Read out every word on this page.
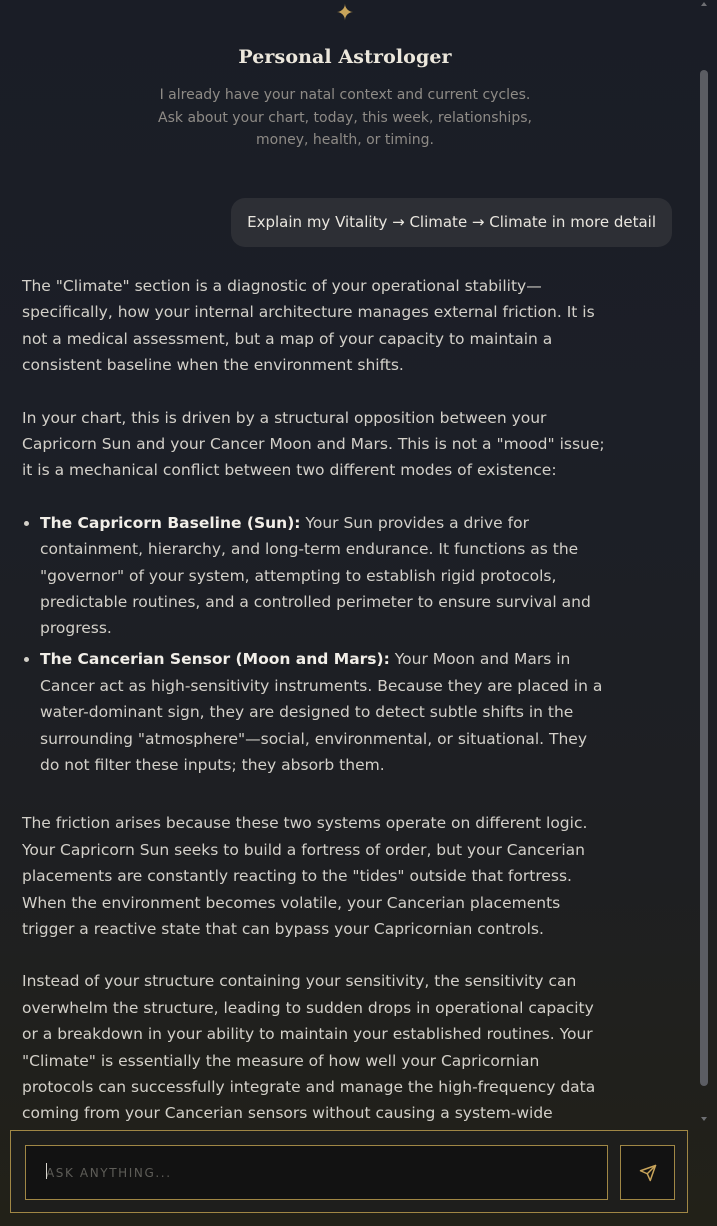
✦
Personal Astrologer
I already have your natal context and current cycles. Ask about your chart, today, this week, relationships, money, health, or timing.
Explain my Vitality → Climate → Climate in more detail

The "Climate" section is a diagnostic of your operational stability—specifically, how your internal architecture manages external friction. It is not a medical assessment, but a map of your capacity to maintain a consistent baseline when the environment shifts.

In your chart, this is driven by a structural opposition between your Capricorn Sun and your Cancer Moon and Mars. This is not a "mood" issue; it is a mechanical conflict between two different modes of existence:

• The Capricorn Baseline (Sun): Your Sun provides a drive for containment, hierarchy, and long-term endurance. It functions as the "governor" of your system, attempting to establish rigid protocols, predictable routines, and a controlled perimeter to ensure survival and progress.
• The Cancerian Sensor (Moon and Mars): Your Moon and Mars in Cancer act as high-sensitivity instruments. Because they are placed in a water-dominant sign, they are designed to detect subtle shifts in the surrounding "atmosphere"—social, environmental, or situational. They do not filter these inputs; they absorb them.

The friction arises because these two systems operate on different logic. Your Capricorn Sun seeks to build a fortress of order, but your Cancerian placements are constantly reacting to the "tides" outside that fortress. When the environment becomes volatile, your Cancerian placements trigger a reactive state that can bypass your Capricornian controls.

Instead of your structure containing your sensitivity, the sensitivity can overwhelm the structure, leading to sudden drops in operational capacity or a breakdown in your ability to maintain your established routines. Your "Climate" is essentially the measure of how well your Capricornian protocols can successfully integrate and manage the high-frequency data coming from your Cancerian sensors without causing a system-wide

ASK ANYTHING...
